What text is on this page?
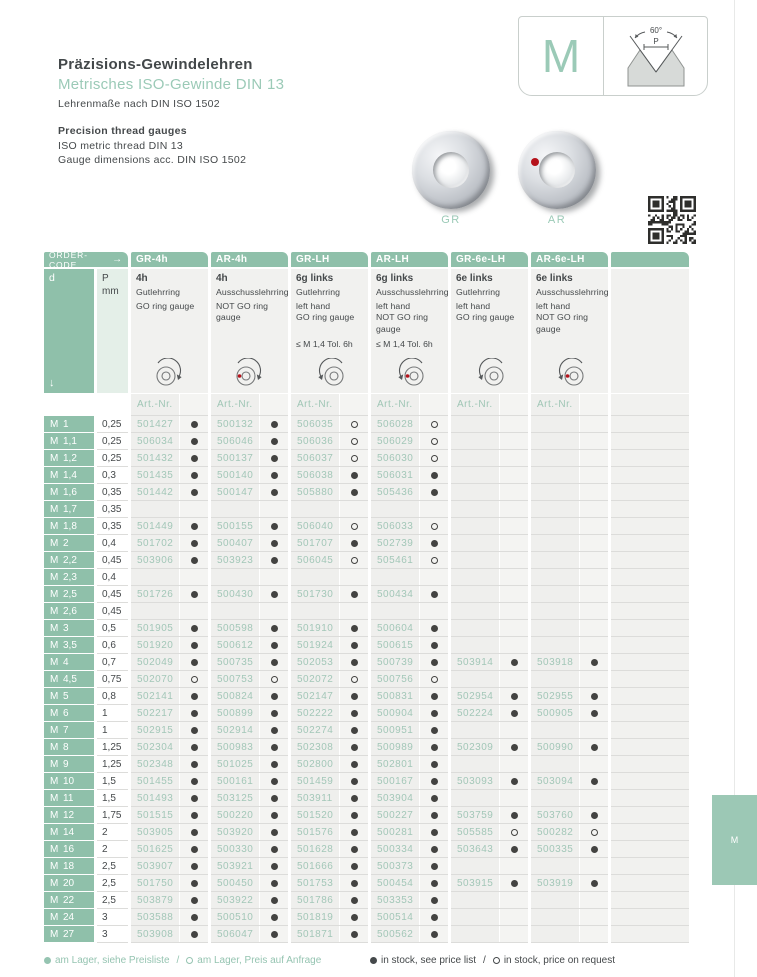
Präzisions-Gewindelehren
Metrisches ISO-Gewinde DIN 13
Lehrenmaße nach DIN ISO 1502
Precision thread gauges
ISO metric thread DIN 13
Gauge dimensions acc. DIN ISO 1502
M	60°
P
GR	AR
M
ORDER-CODE	→	GR-4h	AR-4h	GR-LH	AR-LH	GR-6e-LH	AR-6e-LH
d
↓
P
mm
4h
Gutlehrring
GO ring gauge
4h
Ausschusslehrring
NOT GO ring gauge
6g links
Gutlehrring
left hand
GO ring gauge
≤ M 1,4 Tol. 6h
6g links
Ausschusslehrring
left hand
NOT GO ring gauge
≤ M 1,4 Tol. 6h
6e links
Gutlehrring
left hand
GO ring gauge
6e links
Ausschusslehrring
left hand
NOT GO ring gauge
Art.-Nr.	Art.-Nr.	Art.-Nr.	Art.-Nr.	Art.-Nr.	Art.-Nr.
M 1	0,25	501427	500132	506035	506028
M 1,1	0,25	506034	506046	506036	506029
M 1,2	0,25	501432	500137	506037	506030
M 1,4	0,3	501435	500140	506038	506031
M 1,6	0,35	501442	500147	505880	505436
M 1,7	0,35
M 1,8	0,35	501449	500155	506040	506033
M 2	0,4	501702	500407	501707	502739
M 2,2	0,45	503906	503923	506045	505461
M 2,3	0,4
M 2,5	0,45	501726	500430	501730	500434
M 2,6	0,45
M 3	0,5	501905	500598	501910	500604
M 3,5	0,6	501920	500612	501924	500615
M 4	0,7	502049	500735	502053	500739	503914	503918
M 4,5	0,75	502070	500753	502072	500756
M 5	0,8	502141	500824	502147	500831	502954	502955
M 6	1	502217	500899	502222	500904	502224	500905
M 7	1	502915	502914	502274	500951
M 8	1,25	502304	500983	502308	500989	502309	500990
M 9	1,25	502348	501025	502800	502801
M 10	1,5	501455	500161	501459	500167	503093	503094
M 11	1,5	501493	503125	503911	503904
M 12	1,75	501515	500220	501520	500227	503759	503760
M 14	2	503905	503920	501576	500281	505585	500282
M 16	2	501625	500330	501628	500334	503643	500335
M 18	2,5	503907	503921	501666	500373
M 20	2,5	501750	500450	501753	500454	503915	503919
M 22	2,5	503879	503922	501786	503353
M 24	3	503588	500510	501819	500514
M 27	3	503908	506047	501871	500562
am Lager, siehe Preisliste /	am Lager, Preis auf Anfrage	in stock, see price list /	in stock, price on request
